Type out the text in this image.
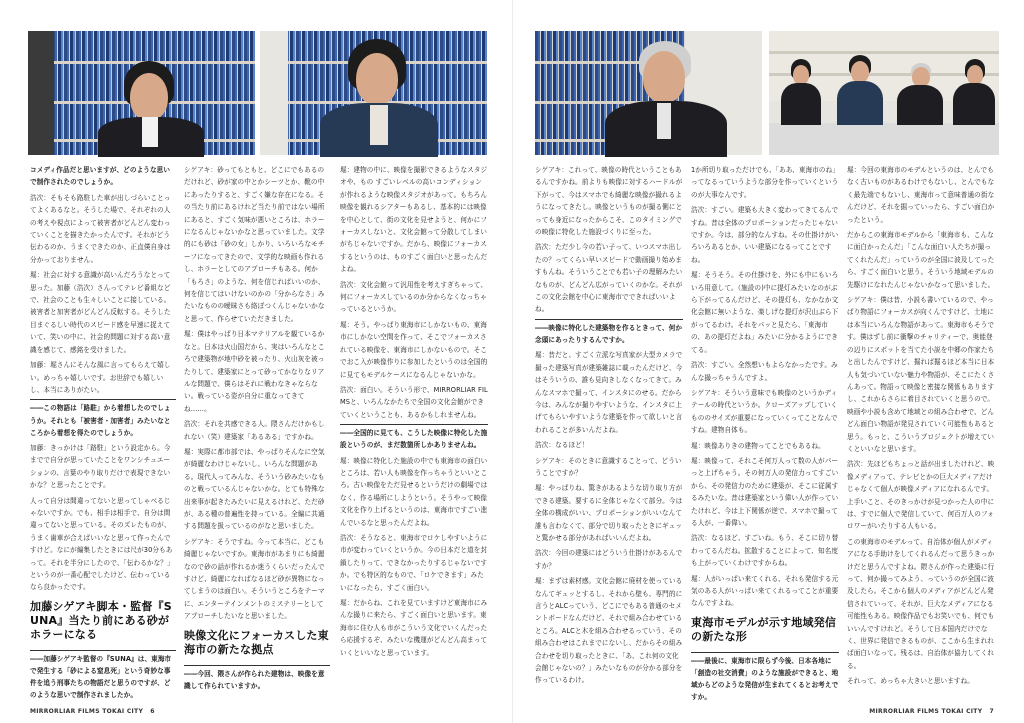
コメディ作品だと思いますが、どのような思いで制作されたのでしょうか。

浩次：そもそも路駐した車が出しづらいことってよくあるなと。そうした場で、それぞれの人の考えや視点によって被害者がどんどん変わっていくことを描きたかったんです。それがどう伝わるのか、うまくできたのか、正直僕自身は分かっておりません。

堀：社会に対する意識が高いんだろうなとって思った。加藤（浩次）さんってテレビ番組などで、社会のことも生々しいことに接している。被害者と加害者がどんどん反転する。そうした目まぐるしい時代のスピード感を早速に捉えていて、笑いの中に、社会的問題に対する高い意識を感じて、感銘を受けました。

加藤：堀さんにそんな風に言ってもらえて嬉しい。めっちゃ嬉しいです。お世辞でも嬉しいし、本当にありがたい。

――この物語は「路駐」から着想したのでしょうか。それとも「被害者・加害者」みたいなところから着想を得たのでしょうか。

加藤：きっかけは「路駐」という設定から。今までで自分が思っていたことをワンシチュエーションの、言葉のやり取りだけで表現できないかな？と思ったことです。

人って自分は間違ってないと思ってしゃべるじゃないですか。でも、相手は相手で、自分は間違ってないと思っている。そのズレたものが、うまく歯車が合えばいいなと思って作ったんですけど。なにが編集したときには尺が30分もあって。それを半分にしたので、「伝わるかな？」というのが一番心配でしたけど、伝わっているなら良かったです。

加藤シゲアキ脚本・監督『SUNA』当たり前にある砂がホラーになる

――加藤シゲアキ監督の『SUNA』は、東海市で発生する「砂による窒息死」という奇妙な事件を追う刑事たちの物語だと思うのですが、どのような思いで制作されましたか。

シゲアキ：砂ってもともと、どこにでもあるのだけれど、砂が家の中とかシーツとか、靴の中にあったりすると、すごく嫌な存在になる。その当たり前にあるけれど当たり前ではない場所にあると、すごく気味が悪いところは、ホラーになるんじゃないかなと思っていました。文学的にも砂は「砂の女」しかり、いろいろなモチーフになってきたので、文学的な映画も作れるし、ホラーとしてのアプローチもある。何か「もろさ」のような、何を信じればいいのか、何を信じてはいけないのかの「分からなさ」みたいなものの曖昧さも絡ぼつくんじゃないかなと思って、作らせていただきました。

堀：僕はやっぱり日本マテリアルを観ているかなと。日本は火山国だから、実はいろんなところで建築物が地中砂を被ったり、火山灰を被ったりして、建築家にとって砂ってかなりなリアルな問題で、僕らはそれに戦わなきゃならない。戦っている姿が自分に重なってきてね……。

浩次：それを共感できる人。隈さんだけかもしれない（笑）建築家「あるある」ですかね。

堀：実際に都市部では、やっぱりそんなに空気が綺麗なわけじゃないし、いろんな問題がある。現代人ってみんな、そういう砂みたいなものと戦っているんじゃないかな。とても特殊な出来事が起きたみたいに見えるけれど、ただ砂が、ある種の普遍性を持っている。全編に共通する問題を扱っているのがなと思いました。

シゲアキ：そうですね。今って本当に、どこも綺麗じゃないですか。東海市があまりにも綺麗なので砂の話が作れるか迷うくらいだったんですけど、綺麗になればなるほど砂が異物になってしまうのは面白い。そういうところをテーマに、エンターテインメントのミステリーとしてアプローチしたいなと思いました。

映像文化にフォーカスした東海市の新たな拠点

――今回、隈さんが作られた建物は、映像を意識して作られていますか。

堀：建物の中に、映像を撮影できるようなスタジオや、もの すごいレベルの高いコンディションが作れるような映像スタジオがあって。もちろん映像を観れるシアターもあるし、基本的には映像を中心として、街の文化を見せようと、何かにフォーカスしないと、文化会館って分散してしまいがちじゃないですか。だから、映像にフォーカスするというのは、ものすごく面白いと思ったんだよね。

浩次：文化会館って汎用性を考えすぎちゃって、何にフォーカスしているのか分からなくなっちゃっているというか。

堀：そう。やっぱり東海市にしかないもの、東海市にしかない空間を作って、そこでフォーカスされている映像を、東海市にしかないもので。そこでおこ入が映像作りに参加したというのは全国的に見てもモデルケースになるんじゃないかな。

浩次：面白い。そういう形で、MIRRORLIAR FILMSと、いろんなかたちで全国の文化会館ができていくということも、あるかもしれませんね。

――全国的に見ても、こうした映像に特化した施設というのが、まだ数箇所しかありませんね。

堀：映像に特化した施設の中でも東海市の面白いところは、若い人も映像を作っちゃうといいところ。古い映像をただ見せるというだけの劇場ではなく、作る場所にしようという。そうやって映像文化を作り上げるというのは、東海市ですごい進んでいるなと思ったんだよね。

浩次：そうなると、東海市でロケしやすいように市が変わっていくというか。今の日本だと道を封鎖したりって、できなかったりするじゃないですか。でも特区的なもので、「ロケできます」みたいになったら、すごく面白い。

堀：だからね、これを見ていますけど東海市にみんな撮りに来たら、すごく面白いと思います。東海市に住む人も市がこういう文化でいくんだったら応援するぞ、みたいな機運がどんどん高まっていくといいなと思っています。

MIRRORLIAR FILMS TOKAI CITY 6

シゲアキ：これって、映像の時代ということもあるんですかね。前よりも映像に対するハードルが下がって、今はスマホでも綺麗な映像が撮れるようになってきたし。映像というものが撮る側にとっても身近になったからこそ、このタイミングでの映像に特化した施設づくりに至った。

浩次：ただ少し今の若い子って、いつスマホ出したの？ってくらい早いスピードで動画撮り始めますもんね。そういうことでも若い子の理解みたいなものが、どんどん広がっていくのかな。それがこの文化会館を中心に東海市でできればいいよね。

――映像に特化した建築物を作るときって、何か念頭にあったりするんですか。

堀：昔だと、すごく立派な写真家が大型カメラで撮った建築写真が建築雑誌に載ったんだけど、今はそういうの、誰も見向きしなくなってきて。みんなスマホで撮って、インスタにのせる。だから今は、みんなが撮りやすいような、インスタに上げてもらいやすいような建築を作って欲しいと言われることが多いんだよね。

浩次：なるほど！

シゲアキ：そのときに意識することって、どういうことですか？

堀：やっぱりね、驚きがあるような切り取り方ができる建築。要するに全体じゃなくて部分。今は全体の構成がいい、プロポーションがいいなんて誰も言わなくて、部分で切り取ったときにギュッと驚かせる部分があればいいんだよね。

浩次：今回の建築にはどういう仕掛けがあるんですか？

堀：まずは素材感。文化会館に廃材を使っているなんてギュッとするし、それから壁も、専門的に言うとALCっていう、どこにでもある普通のセメントボードなんだけど、それで組み合わせているところ。ALCと木を組み合わせるっていう、その組み合わせはこれまでにないし、だからその組み合わせを切り取ったときに、「あ、これ何の文化会館じゃないの？」みたいなものが分かる部分を作っているわけ。

1か所切り取っただけでも、「ああ、東海市のね」ってなるっていうような部分を作っていくというのが大事なんです。

浩次：すごい。建築も大きく変わってきてるんですね。昔は全体のプロポーションだったじゃないですか。今は、部分的なんすね。その仕掛けがいろいろあるとか、いい建築になるってことですね。

堀：そうそう。その仕掛けを、外にも中にもいろいろ用意して。（施設の)中に提灯みたいなのがぶら下がってるんだけど、その提灯も、なかなか文化会館に無いような、楽しげな提灯が沢山ぶら下がってるわけ。それをパッと見たら、「東海市の、あの提灯だよね」みたいに分かるようにできてる。

浩次：すごい。全然想いもよらなかったです。みんな撮っちゃうんですよ。

シゲアキ：そういう意味でも映像のというかディテールの時代というか。クローズアップしていくもののサイズが重要になっていくってことなんですね。建物自体も。

堀：映像ありきの建物ってことでもあるね。

堀：映像って、それこそ何万人って数の人がパーっと上げちゃう。その何万人の発信力ってすごいから、その発信力のために建築が、そこに従属するみたいな。昔は建築家という偉い人が作っていたけれど、今は上下関係が逆で、スマホで撮ってる人が、一番偉い。

浩次：なるほど、すごいね。もう、そこに切り替わってるんだね。拡散することによって、知名度も上がっていくわけですからね。

堀：人がいっぱい来てくれる、それも発信する元気のある人がいっぱい来てくれるってことが重要なんですよね。

東海市モデルが示す地域発信の新たな形

――最後に、東海市に限らず今後、日本各地に「創造の社交消費」のような施設ができると、地域からどのような発信が生まれてくるとお考えですか。

堀：今回の東海市のモデルというのは、とんでもなく古いものがあるわけでもないし、とんでもなく最先端でもないし、東海市って意味普通の街なんだけど、それを掘っていったら、すごい面白かったという。

だからこの東海市モデルから「東海市も、こんなに面白かったんだ」「こんな面白い人たちが撮ってくれたんだ」っていうのが全国に波及してったら、すごく面白いと思う。そういう地域モデルの先駆けになれたんじゃないかなって思いました。

シゲアキ：僕は昔、小説も書いているので、やっぱり物語にフォーカスが向くんですけど、土地には本当にいろんな物語があって。東海市もそうです。僕はずし前に衝撃のチャリティーで、奥能登の辺りにスポットを当てた小説を中郷の作家たちと出したんですけど、掘れば掘るほど本当に日本人も気づいていない魅力や物語が、そこにたくさんあって。物語って映像と密接な関係もありますし、これからさらに着目されていくと思うので。映画や小説も含めて地域との組み合わせで、どんどん面白い物語が発見されていく可能性もあると思う。もっと、こういうプロジェクトが増えていくといいなと思います。

浩次：先ほどもちょっと話が出ましたけれど、映像メディアって、テレビとかの巨大メディアだけじゃなくて個人が映像メディアになれるんです。上手いこと、そのきっかけが見つかった人の中には、すでに個人で発信していて、何百万人のフォロワーがいたりする人もいる。

この東海市のモデルって、自治体が個人がメディアになる手助けをしてくれるんだって思うきっかけだと思うんですよね。隈さんが作った建築に行って、何か撮ってみよう、っていうのが全国に波及したら。そこから個人のメディアがどんどん発信されていって、それが、巨大なメディアになる可能性もある。映像作品でもお笑いでも、何でもいいんですけれど。そうして日本国内だけでなく、世界に発信できるものが、ここから生まれれば面白いなって。残るは、自治体が協力してくれる。

それって、めっちゃ大きいと思いますね。

MIRRORLIAR FILMS TOKAI CITY 7
